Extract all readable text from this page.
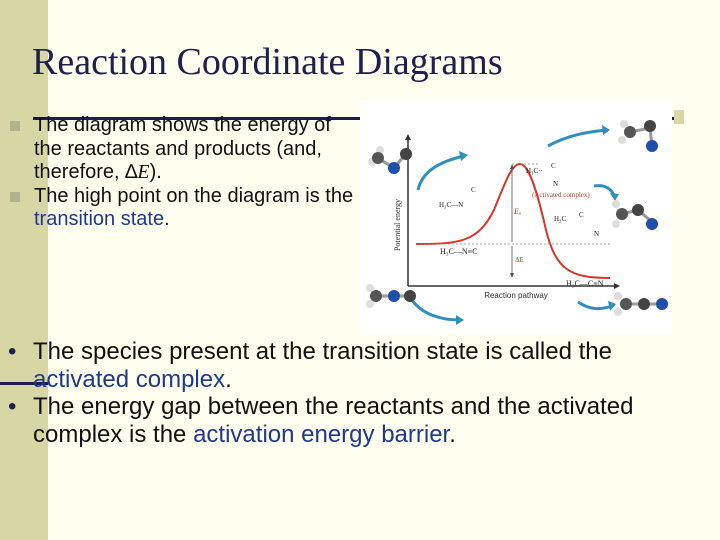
Reaction Coordinate Diagrams
The diagram shows the energy of the reactants and products (and, therefore, ∆E).
The high point on the diagram is the transition state.	Potential energy
Reaction pathway
Eₐ
ΔE
H₃C—N≡C
H₃C—C≡N
H₃C··
C
N
(Activated complex)
H₃C—N
C
H₃C C
N
• The species present at the transition state is called the activated complex.
• The energy gap between the reactants and the activated complex is the activation energy barrier.
